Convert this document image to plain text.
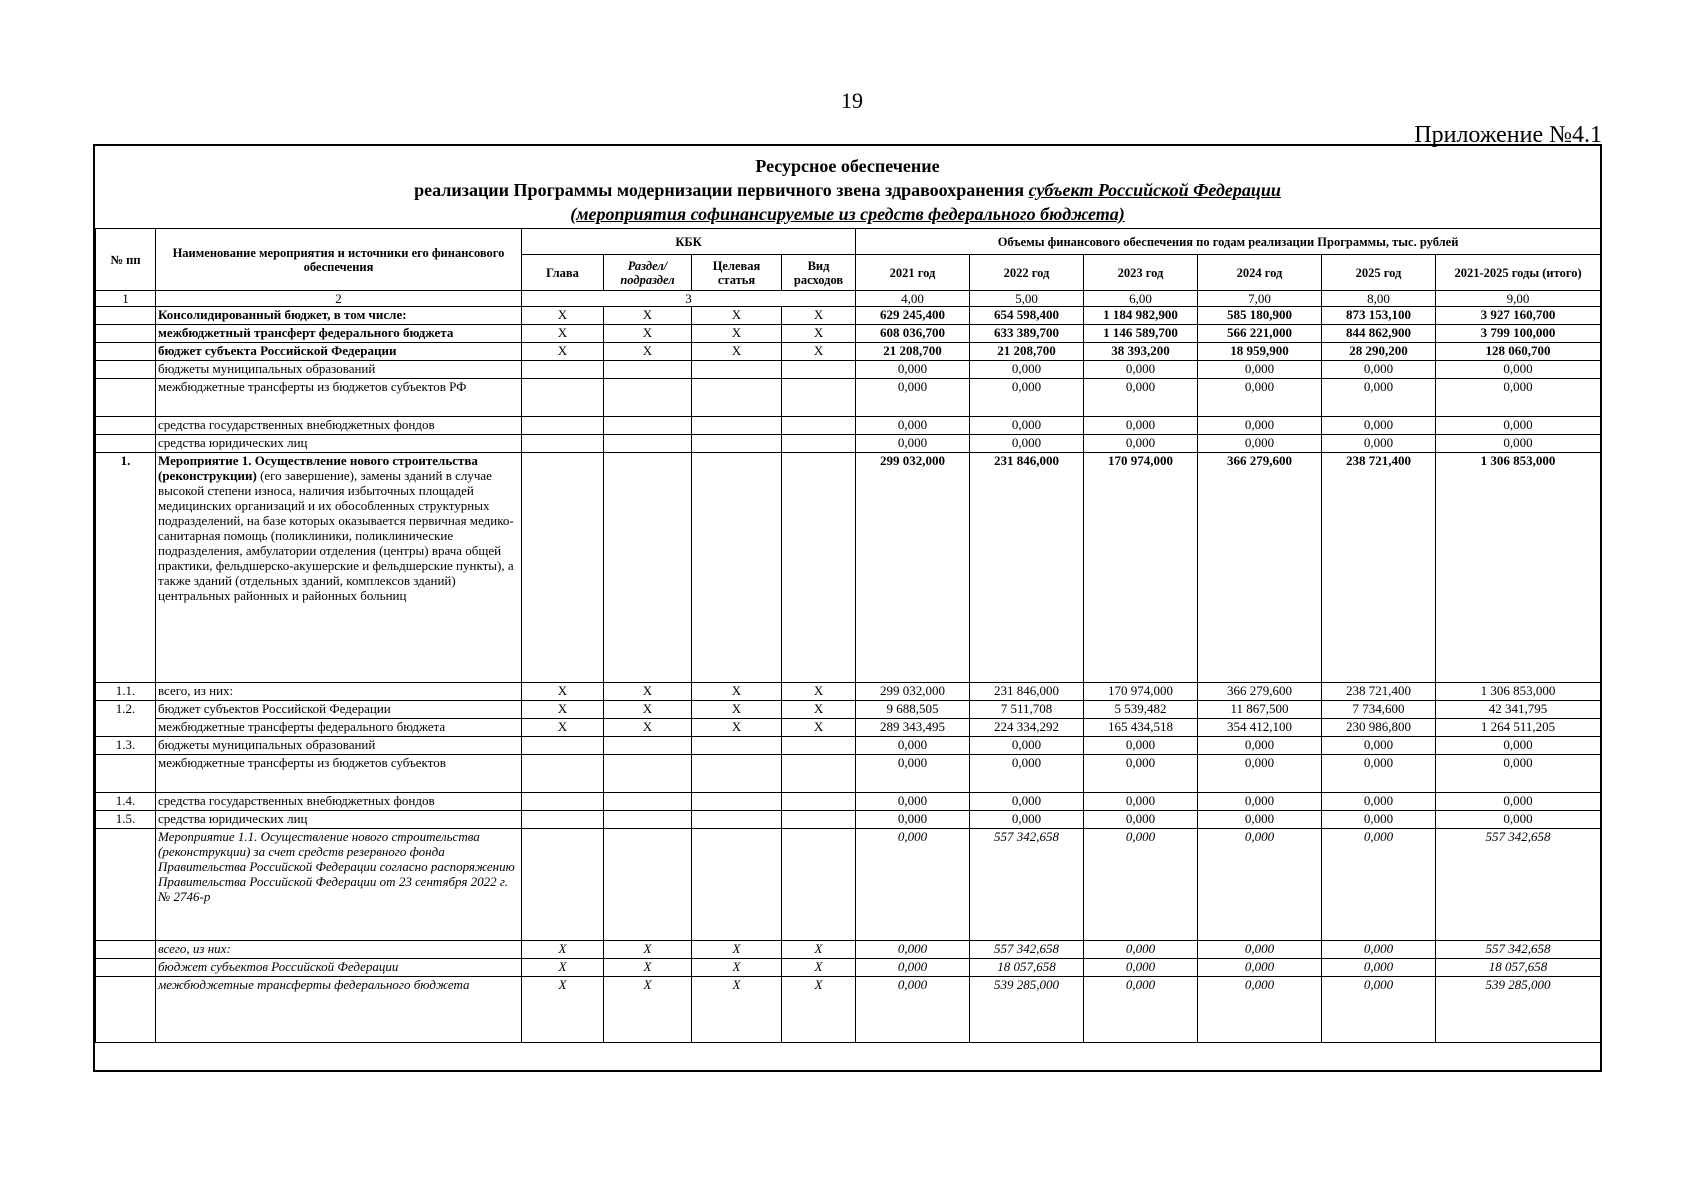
19
Приложение №4.1
Ресурсное обеспечение
реализации Программы модернизации первичного звена здравоохранения субъект Российской Федерации
(мероприятия софинансируемые из средств федерального бюджета)
№ пп	Наименование мероприятия и источники его финансового обеспечения	КБК				Объемы финансового обеспечения по годам реализации Программы, тыс. рублей					
		Глава	Раздел/ подраздел	Целевая статья	Вид расходов	2021 год	2022 год	2023 год	2024 год	2025 год	2021-2025 годы (итого)
1	2	3				4,00	5,00	6,00	7,00	8,00	9,00
	Консолидированный бюджет, в том числе:	X	X	X	X	629 245,400	654 598,400	1 184 982,900	585 180,900	873 153,100	3 927 160,700
	межбюджетный трансферт федерального бюджета	X	X	X	X	608 036,700	633 389,700	1 146 589,700	566 221,000	844 862,900	3 799 100,000
	бюджет субъекта Российской Федерации	X	X	X	X	21 208,700	21 208,700	38 393,200	18 959,900	28 290,200	128 060,700
	бюджеты муниципальных образований					0,000	0,000	0,000	0,000	0,000	0,000
	межбюджетные трансферты из бюджетов субъектов РФ					0,000	0,000	0,000	0,000	0,000	0,000
	средства государственных внебюджетных фондов					0,000	0,000	0,000	0,000	0,000	0,000
	средства юридических лиц					0,000	0,000	0,000	0,000	0,000	0,000
1.	Мероприятие 1. Осуществление нового строительства (реконструкции) (его завершение), замены зданий в случае высокой степени износа, наличия избыточных площадей медицинских организаций и их обособленных структурных подразделений, на базе которых оказывается первичная медико-санитарная помощь (поликлиники, поликлинические подразделения, амбулатории отделения (центры) врача общей практики, фельдшерско-акушерские и фельдшерские пункты), а также зданий (отдельных зданий, комплексов зданий) центральных районных и районных больниц					299 032,000	231 846,000	170 974,000	366 279,600	238 721,400	1 306 853,000
1.1.	всего, из них:	X	X	X	X	299 032,000	231 846,000	170 974,000	366 279,600	238 721,400	1 306 853,000
1.2.	бюджет субъектов Российской Федерации	X	X	X	X	9 688,505	7 511,708	5 539,482	11 867,500	7 734,600	42 341,795
	межбюджетные трансферты федерального бюджета	X	X	X	X	289 343,495	224 334,292	165 434,518	354 412,100	230 986,800	1 264 511,205
1.3.	бюджеты муниципальных образований					0,000	0,000	0,000	0,000	0,000	0,000
	межбюджетные трансферты из бюджетов субъектов					0,000	0,000	0,000	0,000	0,000	0,000
1.4.	средства государственных внебюджетных фондов					0,000	0,000	0,000	0,000	0,000	0,000
1.5.	средства юридических лиц					0,000	0,000	0,000	0,000	0,000	0,000
	Мероприятие 1.1. Осуществление нового строительства (реконструкции) за счет средств резервного фонда Правительства Российской Федерации согласно распоряжению Правительства Российской Федерации от 23 сентября 2022 г. № 2746-р					0,000	557 342,658	0,000	0,000	0,000	557 342,658
	всего, из них:	X	X	X	X	0,000	557 342,658	0,000	0,000	0,000	557 342,658
	бюджет субъектов Российской Федерации	X	X	X	X	0,000	18 057,658	0,000	0,000	0,000	18 057,658
	межбюджетные трансферты федерального бюджета	X	X	X	X	0,000	539 285,000	0,000	0,000	0,000	539 285,000
